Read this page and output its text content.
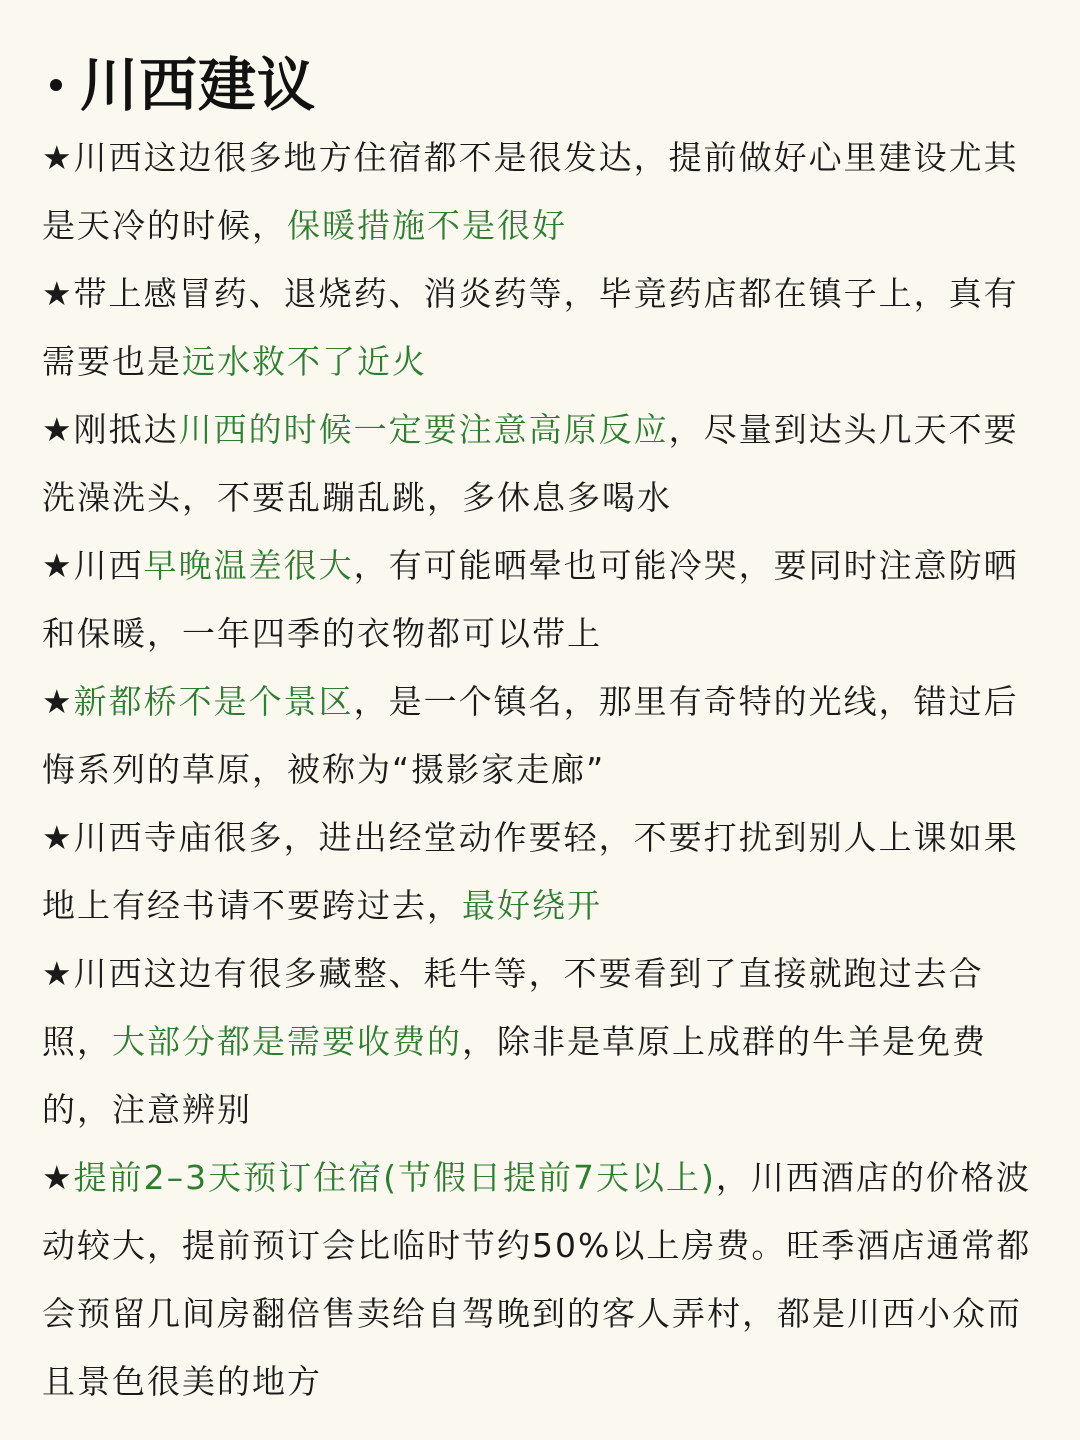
川西建议
★川西这边很多地方住宿都不是很发达，提前做好心里建设尤其是天冷的时候，保暖措施不是很好
★带上感冒药、退烧药、消炎药等，毕竟药店都在镇子上，真有需要也是远水救不了近火
★刚抵达川西的时候一定要注意高原反应，尽量到达头几天不要洗澡洗头，不要乱蹦乱跳，多休息多喝水
★川西早晚温差很大，有可能晒晕也可能冷哭，要同时注意防晒和保暖，一年四季的衣物都可以带上
★新都桥不是个景区，是一个镇名，那里有奇特的光线，错过后悔系列的草原，被称为“摄影家走廊”
★川西寺庙很多，进出经堂动作要轻，不要打扰到别人上课如果地上有经书请不要跨过去，最好绕开
★川西这边有很多藏整、耗牛等，不要看到了直接就跑过去合照，大部分都是需要收费的，除非是草原上成群的牛羊是免费的，注意辨别
★提前2–3天预订住宿(节假日提前7天以上)，川西酒店的价格波动较大，提前预订会比临时节约50%以上房费。旺季酒店通常都会预留几间房翻倍售卖给自驾晚到的客人弄村，都是川西小众而且景色很美的地方
